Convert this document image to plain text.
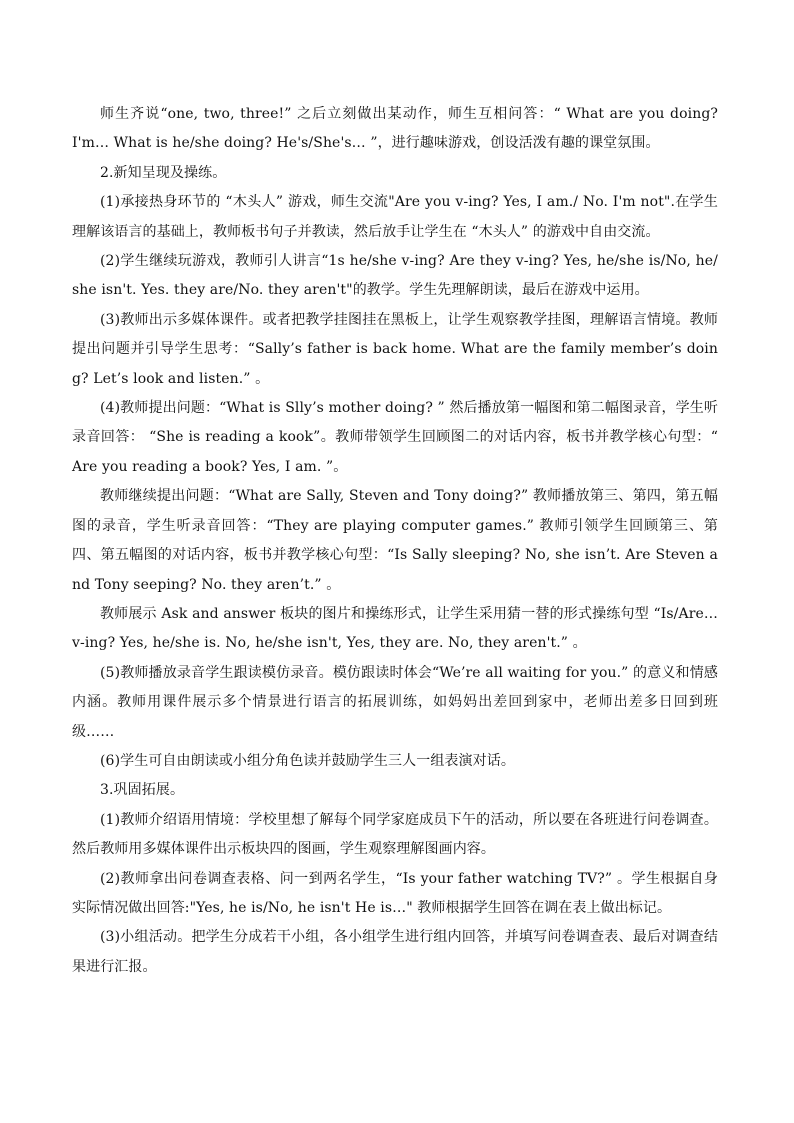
师生齐说“one, two, three!” 之后立刻做出某动作，师生互相问答：“ What are you doing? I'm… What is he/she doing? He's/She's… ”，进行趣味游戏，创设活泼有趣的课堂氛围。

2.新知呈现及操练。

(1)承接热身环节的 “木头人” 游戏，师生交流"Are you v-ing? Yes, I am./ No. I'm not".在学生理解该语言的基础上，教师板书句子并教读，然后放手让学生在 “木头人” 的游戏中自由交流。

(2)学生继续玩游戏，教师引人讲言“1s he/she v-ing? Are they v-ing? Yes, he/she is/No, he/she isn't. Yes. they are/No. they aren't"的教学。学生先理解朗读，最后在游戏中运用。

(3)教师出示多媒体课件。或者把教学挂图挂在黑板上，让学生观察教学挂图，理解语言情境。教师提出问题并引导学生思考：“Sally’s father is back home. What are the family member’s doing? Let’s look and listen.” 。

(4)教师提出问题：“What is Slly’s mother doing? ” 然后播放第一幅图和第二幅图录音，学生听录音回答： “She is reading a kook”。教师带领学生回顾图二的对话内容，板书并教学核心句型：“ Are you reading a book? Yes, I am. ”。

教师继续提出问题：“What are Sally, Steven and Tony doing?” 教师播放第三、第四，第五幅图的录音，学生听录音回答：“They are playing computer games.” 教师引领学生回顾第三、第四、第五幅图的对话内容，板书并教学核心句型：“Is Sally sleeping? No, she isn’t. Are Steven and Tony seeping? No. they aren’t.” 。

教师展示 Ask and answer 板块的图片和操练形式，让学生采用猜一替的形式操练句型 “Is/Are…v-ing? Yes, he/she is. No, he/she isn't, Yes, they are. No, they aren't.” 。

(5)教师播放录音学生跟读模仿录音。模仿跟读时体会“We’re all waiting for you.” 的意义和情感内涵。教师用课件展示多个情景进行语言的拓展训练，如妈妈出差回到家中，老师出差多日回到班级……

(6)学生可自由朗读或小组分角色读并鼓励学生三人一组表演对话。

3.巩固拓展。

(1)教师介绍语用情境：学校里想了解每个同学家庭成员下午的活动，所以要在各班进行问卷调查。然后教师用多媒体课件出示板块四的图画，学生观察理解图画内容。

(2)教师拿出问卷调查表格、问一到两名学生，“Is your father watching TV?” 。学生根据自身实际情况做出回答:"Yes, he is/No, he isn't He is…" 教师根据学生回答在调在表上做出标记。

(3)小组活动。把学生分成若干小组，各小组学生进行组内回答，并填写问卷调查表、最后对调查结果进行汇报。
